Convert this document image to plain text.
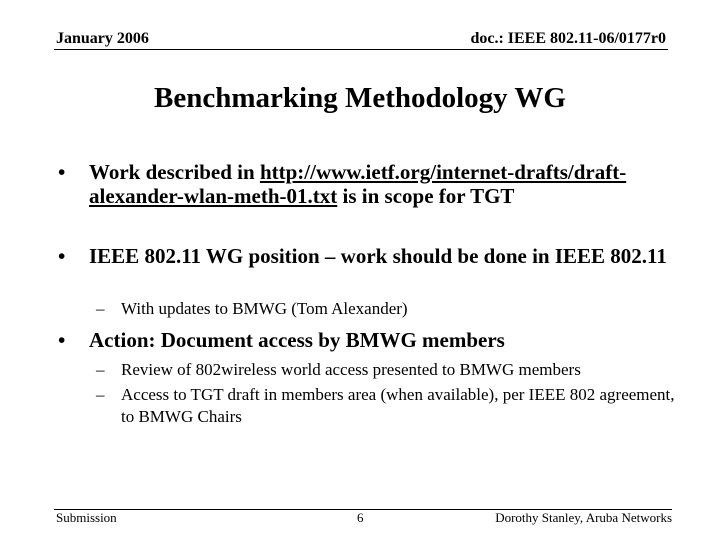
January 2006	doc.: IEEE 802.11-06/0177r0
Benchmarking Methodology WG
• Work described in http://www.ietf.org/internet-drafts/draft-alexander-wlan-meth-01.txt is in scope for TGT
• IEEE 802.11 WG position – work should be done in IEEE 802.11
– With updates to BMWG (Tom Alexander)
• Action: Document access by BMWG members
– Review of 802wireless world access presented to BMWG members
– Access to TGT draft in members area (when available), per IEEE 802 agreement, to BMWG Chairs
Submission	6	Dorothy Stanley, Aruba Networks
